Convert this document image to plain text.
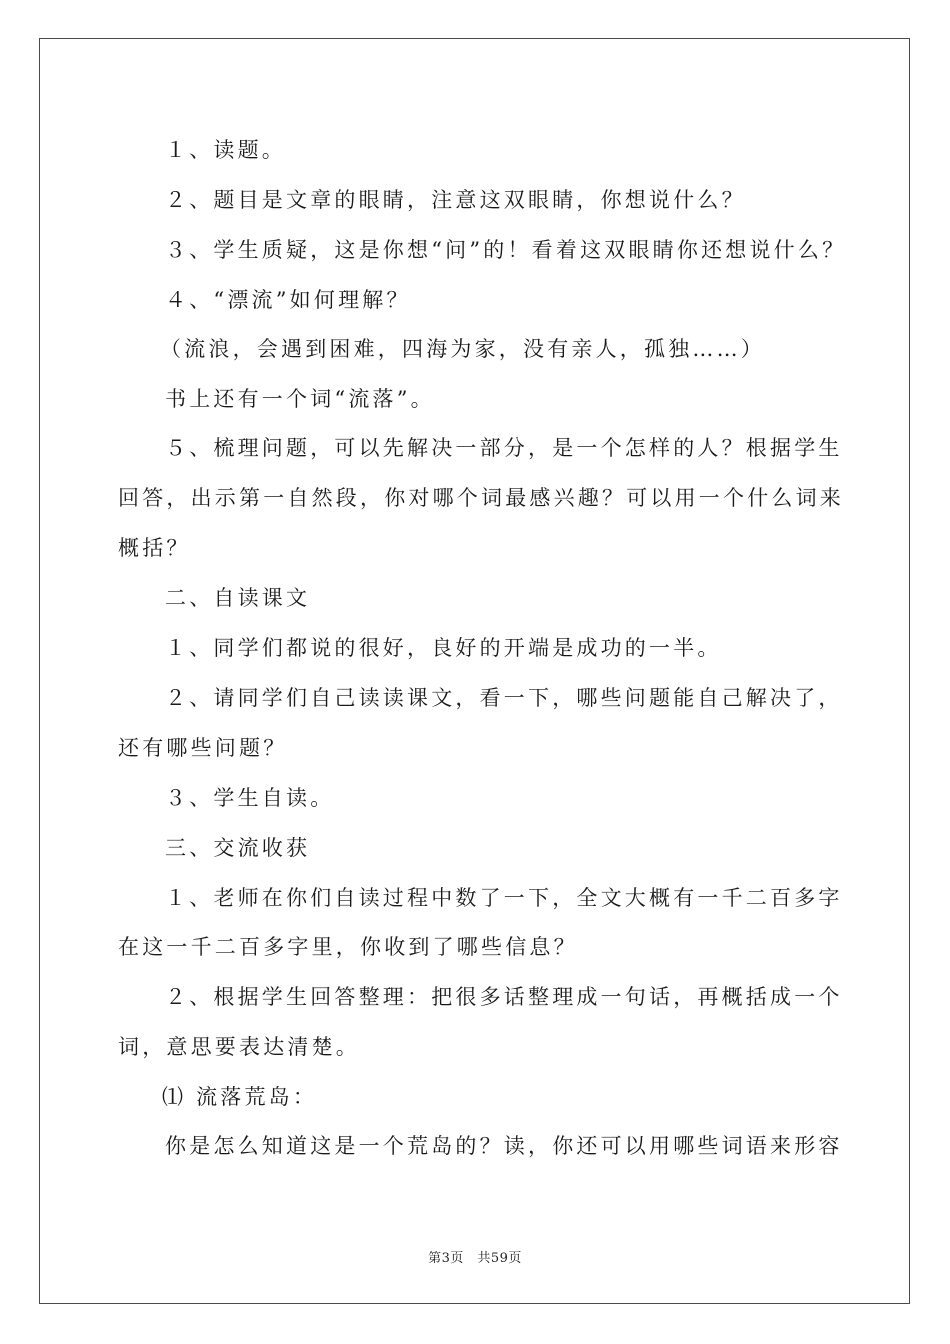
１、读题。
２、题目是文章的眼睛，注意这双眼睛，你想说什么？
３、学生质疑，这是你想“问”的！看着这双眼睛你还想说什么？
４、“漂流”如何理解？
（流浪，会遇到困难，四海为家，没有亲人，孤独……）
书上还有一个词“流落”。
５、梳理问题，可以先解决一部分，是一个怎样的人？根据学生
回答，出示第一自然段，你对哪个词最感兴趣？可以用一个什么词来
概括？
二、自读课文
１、同学们都说的很好，良好的开端是成功的一半。
２、请同学们自己读读课文，看一下，哪些问题能自己解决了，
还有哪些问题？
３、学生自读。
三、交流收获
１、老师在你们自读过程中数了一下，全文大概有一千二百多字
在这一千二百多字里，你收到了哪些信息？
２、根据学生回答整理：把很多话整理成一句话，再概括成一个
词，意思要表达清楚。
⑴ 流落荒岛：
你是怎么知道这是一个荒岛的？读，你还可以用哪些词语来形容
第3页　共59页
